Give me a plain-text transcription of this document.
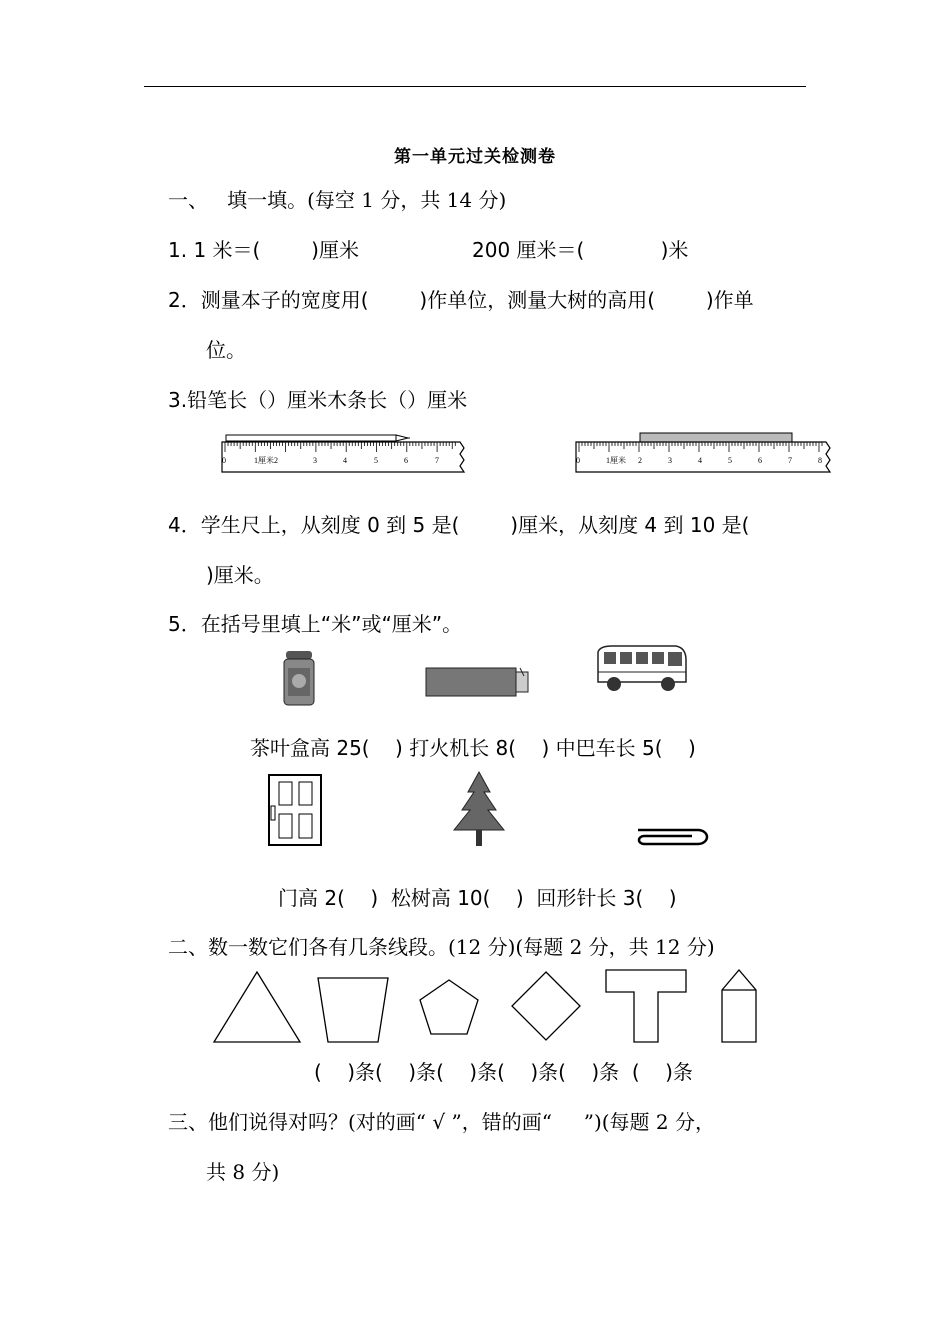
第一单元过关检测卷
一、   填一填。(每空 1 分，共 14 分)
1. 1 米＝(        )厘米	200 厘米＝(            )米
2．测量本子的宽度用(        )作单位，测量大树的高用(        )作单
位。
3.铅笔长（）厘米木条长（）厘米
0	1厘米2	3	4	5	6	7	0	1厘米 2	3	4	5	6	7	8
4．学生尺上，从刻度 0 到 5 是(        )厘米，从刻度 4 到 10 是(
)厘米。
5．在括号里填上“米”或“厘米”。
茶叶盒高 25(    ) 打火机长 8(    ) 中巴车长 5(    )
门高 2(    )  松树高 10(    )  回形针长 3(    )
二、数一数它们各有几条线段。(12 分)(每题 2 分，共 12 分)
(    )条(    )条(    )条(    )条(    )条  (    )条
三、他们说得对吗？(对的画“ √ ”，错的画“     ”)(每题 2 分，
共 8 分)
